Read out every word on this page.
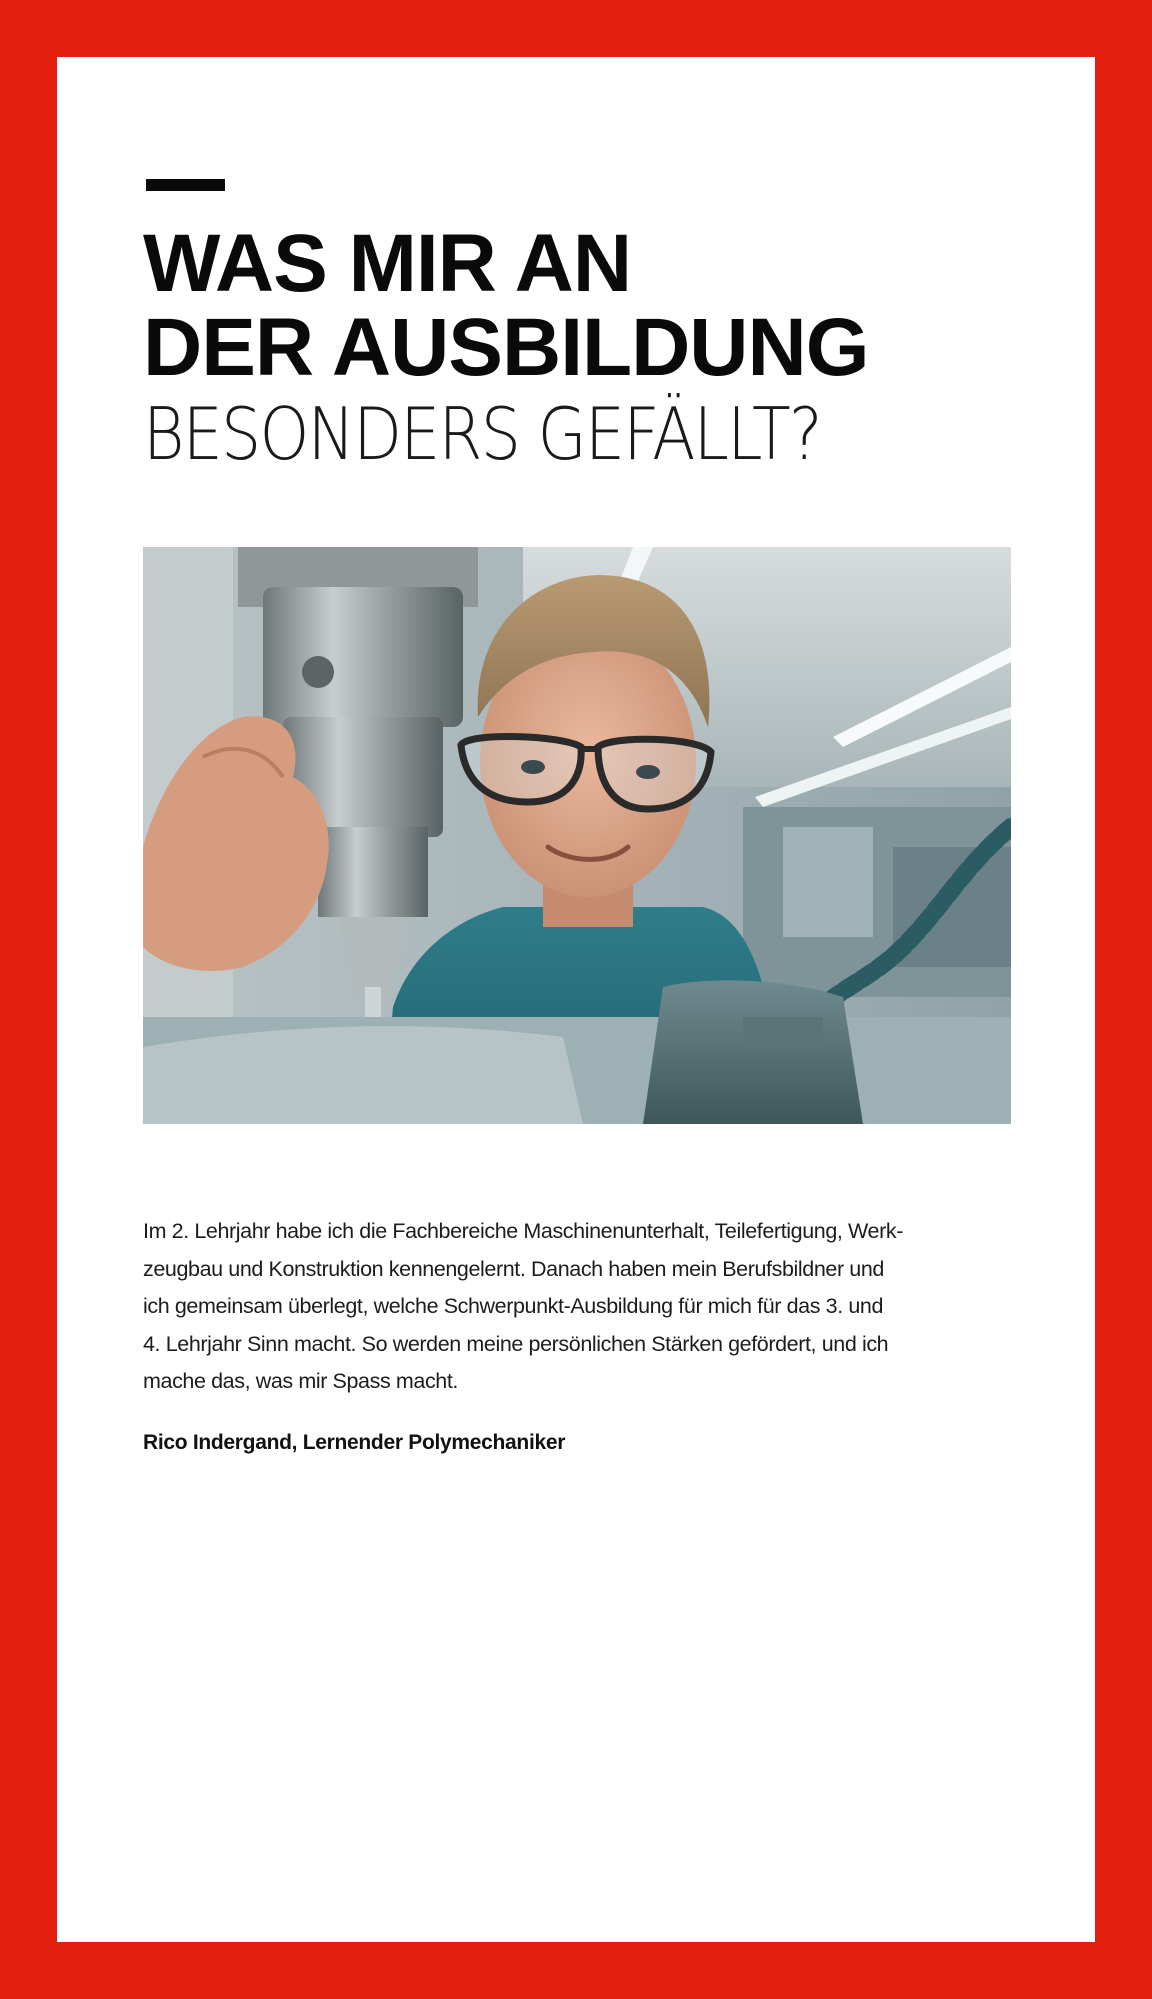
WAS MIR AN
DER AUSBILDUNG
BESONDERS GEFÄLLT?

Im 2. Lehrjahr habe ich die Fachbereiche Maschinenunterhalt, Teilefertigung, Werk-
zeugbau und Konstruktion kennengelernt. Danach haben mein Berufsbildner und
ich gemeinsam überlegt, welche Schwerpunkt-Ausbildung für mich für das 3. und
4. Lehrjahr Sinn macht. So werden meine persönlichen Stärken gefördert, und ich
mache das, was mir Spass macht.

Rico Indergand, Lernender Polymechaniker
